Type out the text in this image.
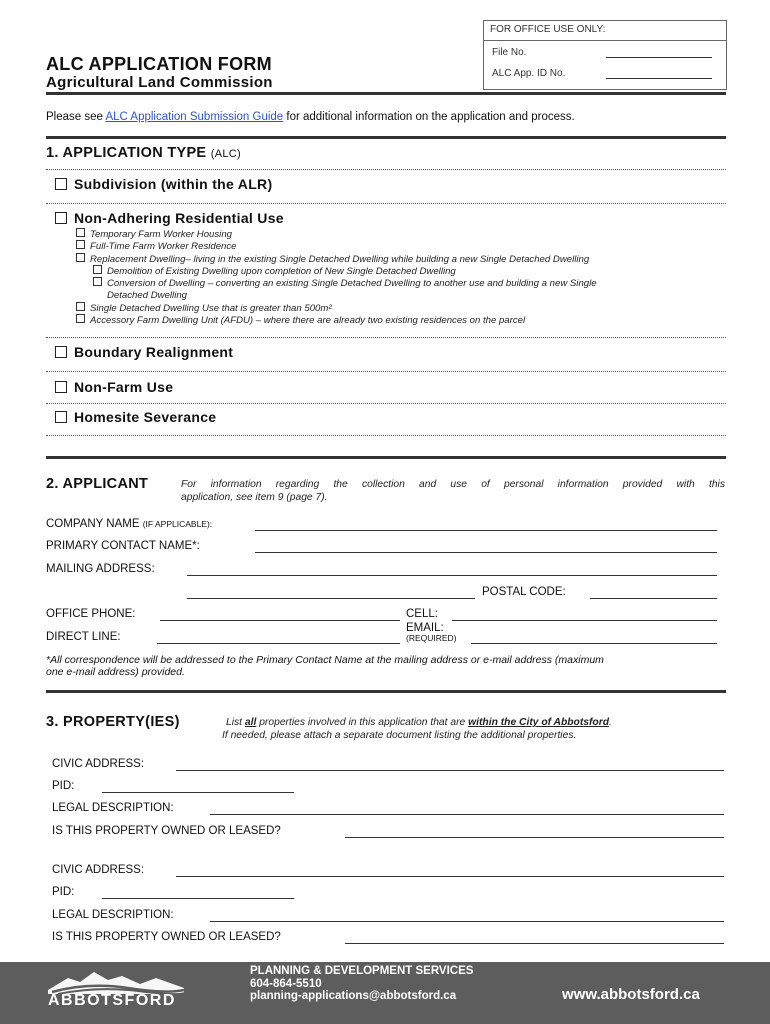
FOR OFFICE USE ONLY:
File No.
ALC App. ID No.
ALC APPLICATION FORM
Agricultural Land Commission
Please see ALC Application Submission Guide for additional information on the application and process.
1. APPLICATION TYPE (ALC)
Subdivision (within the ALR)
Non-Adhering Residential Use
Temporary Farm Worker Housing
Full-Time Farm Worker Residence
Replacement Dwelling– living in the existing Single Detached Dwelling while building a new Single Detached Dwelling
Demolition of Existing Dwelling upon completion of New Single Detached Dwelling
Conversion of Dwelling – converting an existing Single Detached Dwelling to another use and building a new Single
Detached Dwelling
Single Detached Dwelling Use that is greater than 500m²
Accessory Farm Dwelling Unit (AFDU) – where there are already two existing residences on the parcel
Boundary Realignment
Non-Farm Use
Homesite Severance
2. APPLICANT	For information regarding the collection and use of personal information provided with this
application, see item 9 (page 7).
COMPANY NAME (IF APPLICABLE):
PRIMARY CONTACT NAME*:
MAILING ADDRESS:
POSTAL CODE:
OFFICE PHONE:	CELL:
DIRECT LINE:
EMAIL:
(REQUIRED)
*All correspondence will be addressed to the Primary Contact Name at the mailing address or e-mail address (maximum
one e-mail address) provided.
3. PROPERTY(IES)	List all properties involved in this application that are within the City of Abbotsford.
If needed, please attach a separate document listing the additional properties.
CIVIC ADDRESS:
PID:
LEGAL DESCRIPTION:
IS THIS PROPERTY OWNED OR LEASED?
CIVIC ADDRESS:
PID:
LEGAL DESCRIPTION:
IS THIS PROPERTY OWNED OR LEASED?
ABBOTSFORD
PLANNING & DEVELOPMENT SERVICES
604-864-5510
planning-applications@abbotsford.ca	www.abbotsford.ca
